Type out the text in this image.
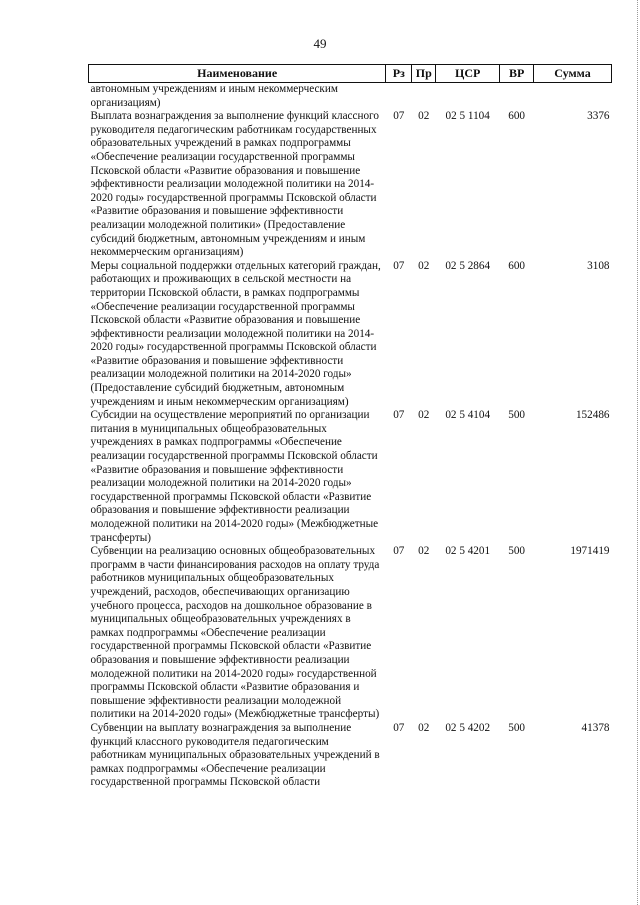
49
Наименование	Рз	Пр	ЦСР	ВР	Сумма
автономным учреждениям и иным некоммерческим организациям)					
Выплата вознаграждения за выполнение функций классного руководителя педагогическим работникам государственных образовательных учреждений в рамках подпрограммы «Обеспечение реализации государственной программы Псковской области «Развитие образования и повышение эффективности реализации молодежной политики на 2014-2020 годы» государственной программы Псковской области «Развитие образования и повышение эффективности реализации молодежной политики» (Предоставление субсидий бюджетным, автономным учреждениям и иным некоммерческим организациям)	07	02	02 5 1104	600	3376
Меры социальной поддержки отдельных категорий граждан, работающих и проживающих в сельской местности на территории Псковской области, в рамках подпрограммы «Обеспечение реализации государственной программы Псковской области «Развитие образования и повышение эффективности реализации молодежной политики на 2014-2020 годы» государственной программы Псковской области «Развитие образования и повышение эффективности реализации молодежной политики на 2014-2020 годы» (Предоставление субсидий бюджетным, автономным учреждениям и иным некоммерческим организациям)	07	02	02 5 2864	600	3108
Субсидии на осуществление мероприятий по организации питания в муниципальных общеобразовательных учреждениях в рамках подпрограммы «Обеспечение реализации государственной программы Псковской области «Развитие образования и повышение эффективности реализации молодежной политики на 2014-2020 годы» государственной программы Псковской области «Развитие образования и повышение эффективности реализации молодежной политики на 2014-2020 годы» (Межбюджетные трансферты)	07	02	02 5 4104	500	152486
Субвенции на реализацию основных общеобразовательных программ в части финансирования расходов на оплату труда работников муниципальных общеобразовательных учреждений, расходов, обеспечивающих организацию учебного процесса, расходов на дошкольное образование в муниципальных общеобразовательных учреждениях в рамках подпрограммы «Обеспечение реализации государственной программы Псковской области «Развитие образования и повышение эффективности реализации молодежной политики на 2014-2020 годы» государственной программы Псковской области «Развитие образования и повышение эффективности реализации молодежной политики на 2014-2020 годы» (Межбюджетные трансферты)	07	02	02 5 4201	500	1971419
Субвенции на выплату вознаграждения за выполнение функций классного руководителя педагогическим работникам муниципальных образовательных учреждений в рамках подпрограммы «Обеспечение реализации государственной программы Псковской области	07	02	02 5 4202	500	41378
